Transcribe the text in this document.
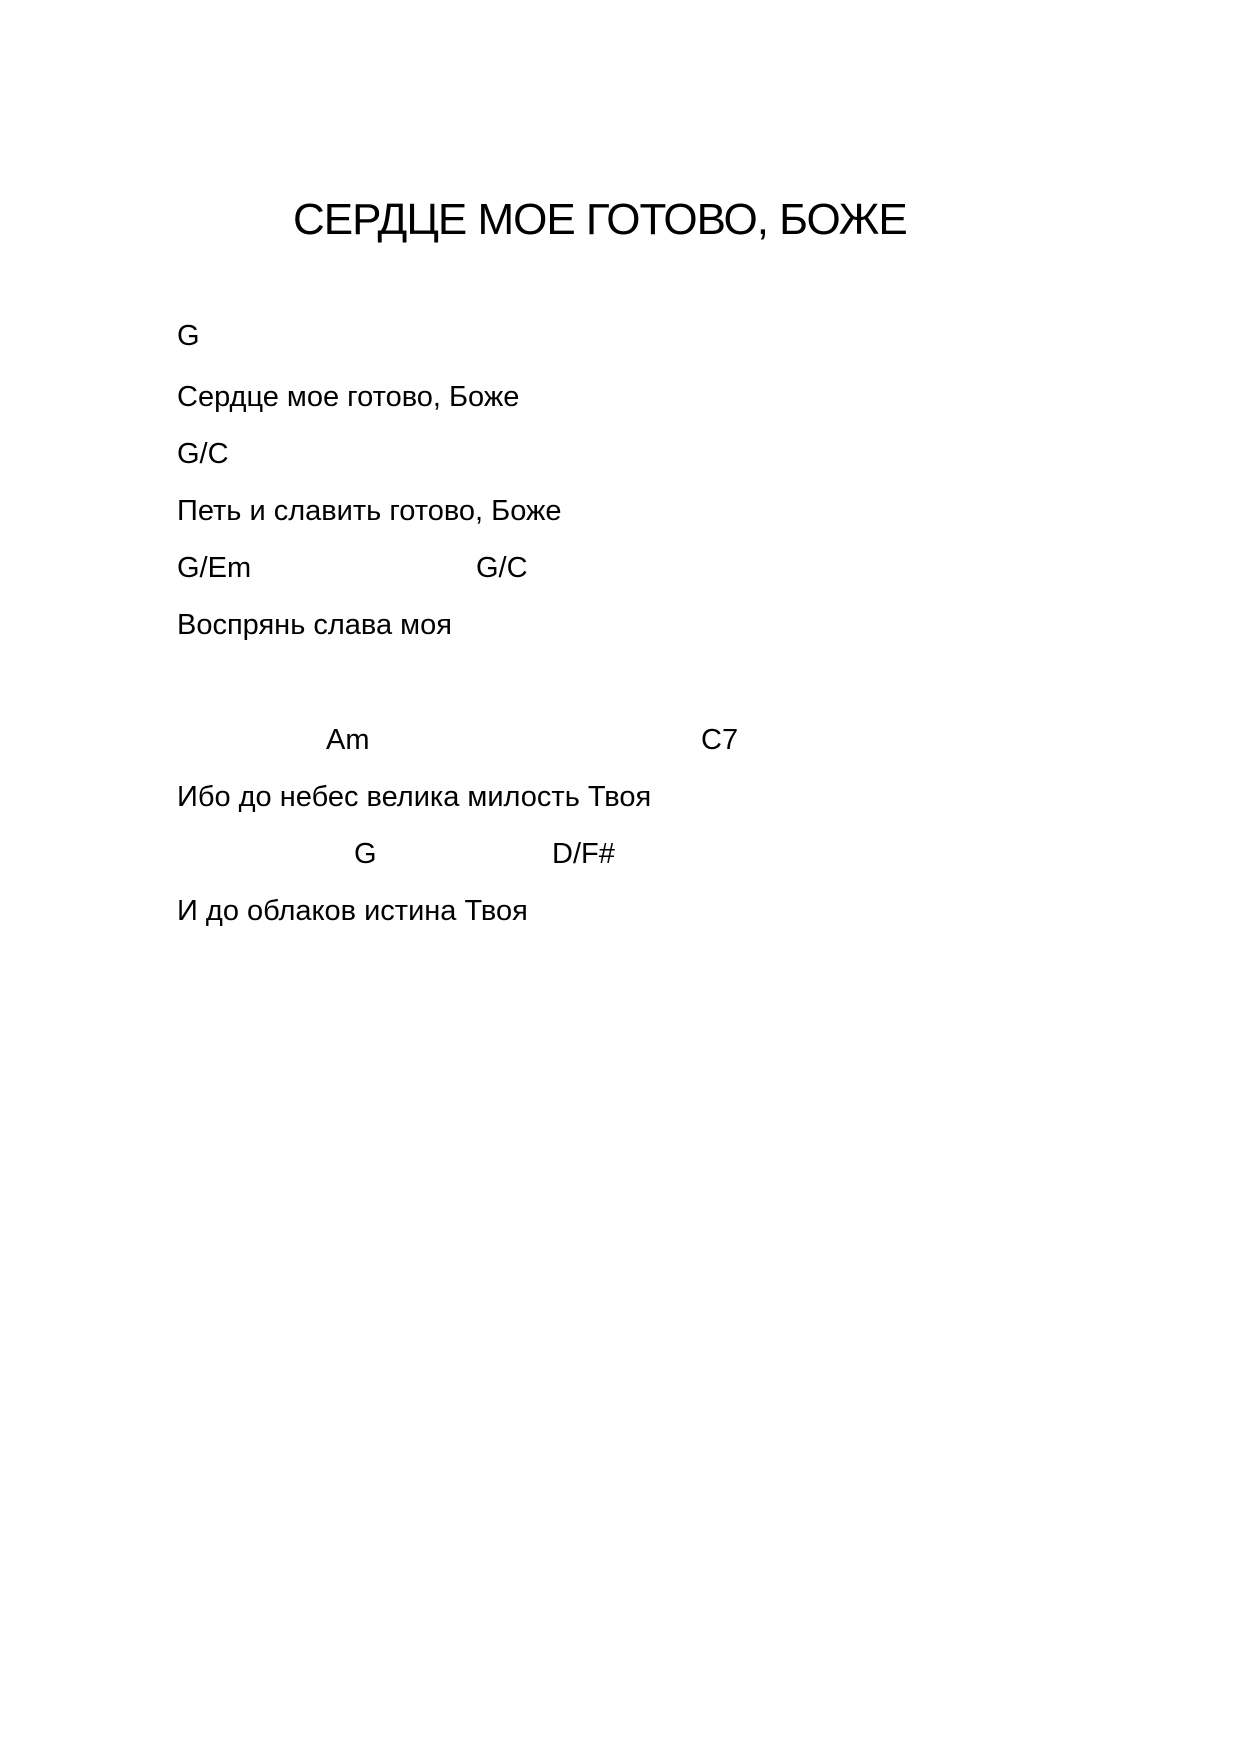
СЕРДЦЕ МОЕ ГОТОВО, БОЖЕ
G
Сердце мое готово, Боже
G/C
Петь и славить готово, Боже
G/Em	G/C
Воспрянь слава моя
Am	C7
Ибо до небес велика милость Твоя
G	D/F#
И до облаков истина Твоя
